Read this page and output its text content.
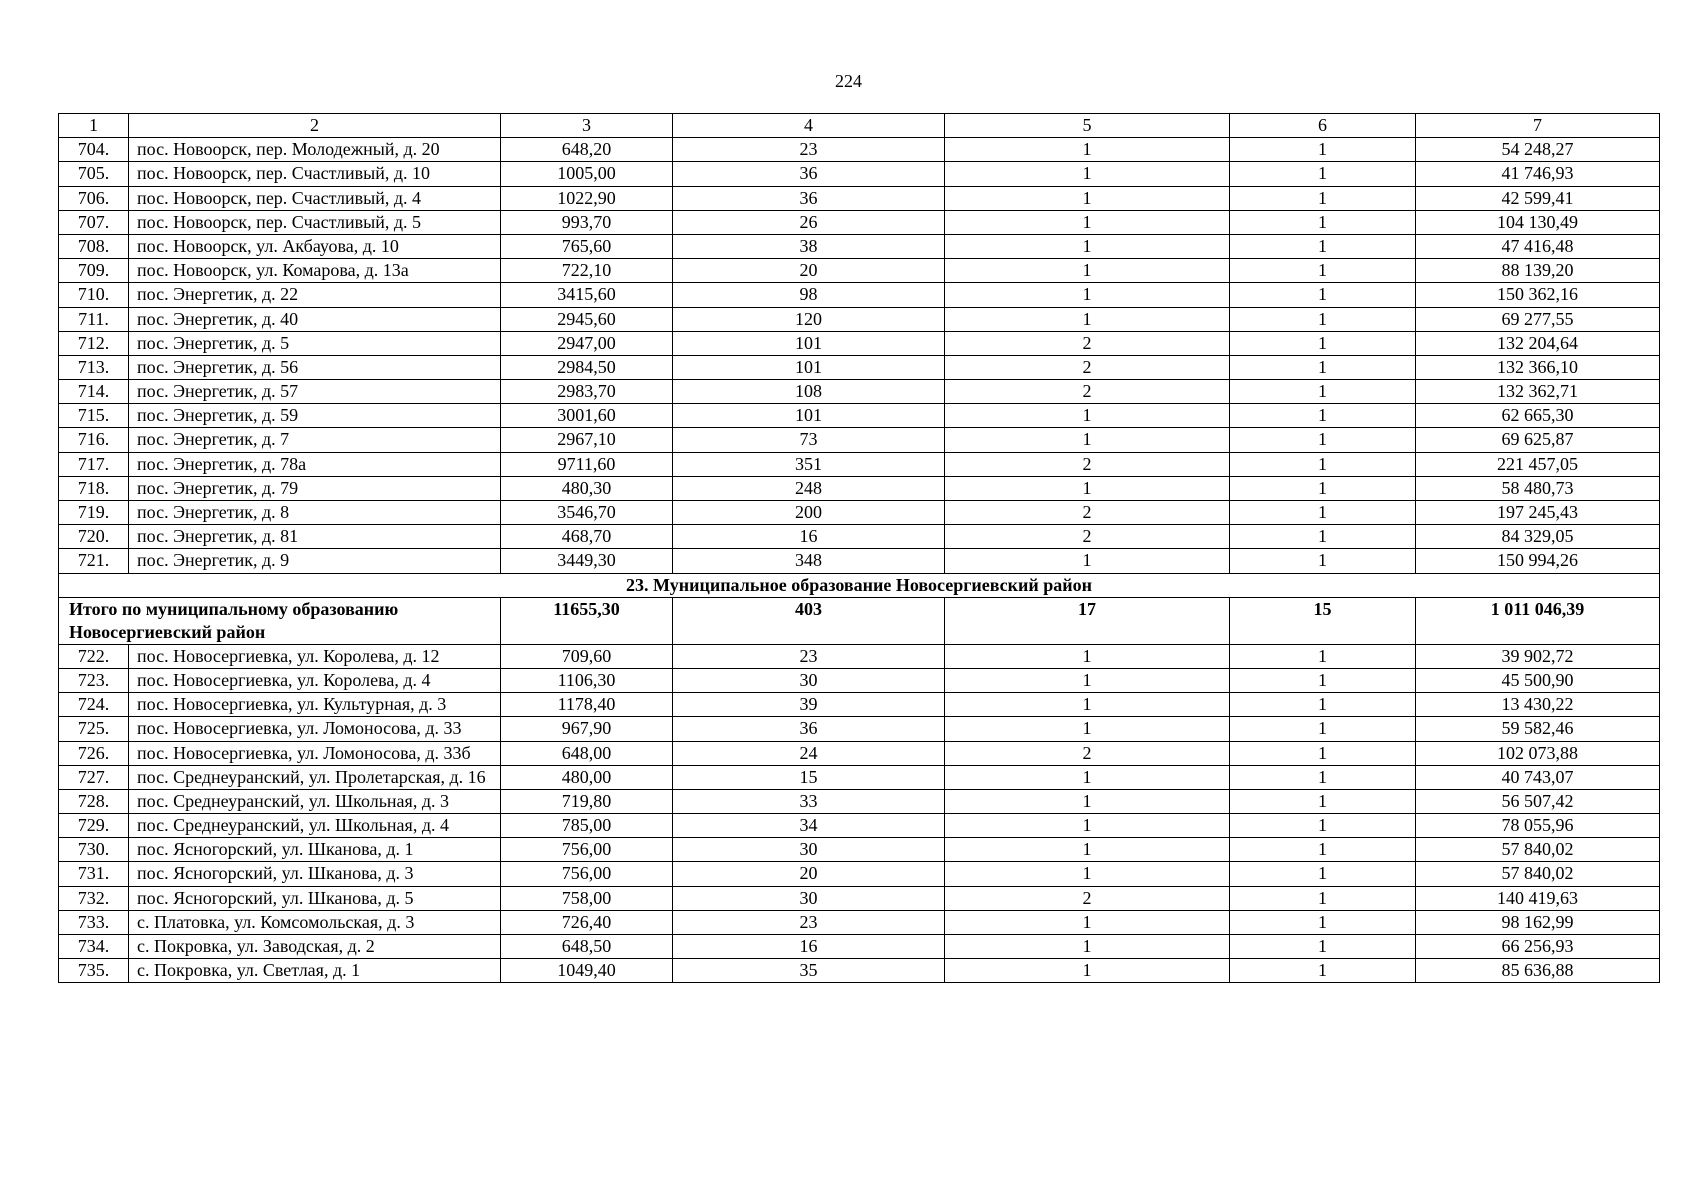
224
1	2	3	4	5	6	7
704.	пос. Новоорск, пер. Молодежный, д. 20	648,20	23	1	1	54 248,27
705.	пос. Новоорск, пер. Счастливый, д. 10	1005,00	36	1	1	41 746,93
706.	пос. Новоорск, пер. Счастливый, д. 4	1022,90	36	1	1	42 599,41
707.	пос. Новоорск, пер. Счастливый, д. 5	993,70	26	1	1	104 130,49
708.	пос. Новоорск, ул. Акбауова, д. 10	765,60	38	1	1	47 416,48
709.	пос. Новоорск, ул. Комарова, д. 13а	722,10	20	1	1	88 139,20
710.	пос. Энергетик, д. 22	3415,60	98	1	1	150 362,16
711.	пос. Энергетик, д. 40	2945,60	120	1	1	69 277,55
712.	пос. Энергетик, д. 5	2947,00	101	2	1	132 204,64
713.	пос. Энергетик, д. 56	2984,50	101	2	1	132 366,10
714.	пос. Энергетик, д. 57	2983,70	108	2	1	132 362,71
715.	пос. Энергетик, д. 59	3001,60	101	1	1	62 665,30
716.	пос. Энергетик, д. 7	2967,10	73	1	1	69 625,87
717.	пос. Энергетик, д. 78а	9711,60	351	2	1	221 457,05
718.	пос. Энергетик, д. 79	480,30	248	1	1	58 480,73
719.	пос. Энергетик, д. 8	3546,70	200	2	1	197 245,43
720.	пос. Энергетик, д. 81	468,70	16	2	1	84 329,05
721.	пос. Энергетик, д. 9	3449,30	348	1	1	150 994,26
23. Муниципальное образование Новосергиевский район						
Итого по муниципальному образованию Новосергиевский район		11655,30	403	17	15	1 011 046,39
722.	пос. Новосергиевка, ул. Королева, д. 12	709,60	23	1	1	39 902,72
723.	пос. Новосергиевка, ул. Королева, д. 4	1106,30	30	1	1	45 500,90
724.	пос. Новосергиевка, ул. Культурная, д. 3	1178,40	39	1	1	13 430,22
725.	пос. Новосергиевка, ул. Ломоносова, д. 33	967,90	36	1	1	59 582,46
726.	пос. Новосергиевка, ул. Ломоносова, д. 33б	648,00	24	2	1	102 073,88
727.	пос. Среднеуранский, ул. Пролетарская, д. 16	480,00	15	1	1	40 743,07
728.	пос. Среднеуранский, ул. Школьная, д. 3	719,80	33	1	1	56 507,42
729.	пос. Среднеуранский, ул. Школьная, д. 4	785,00	34	1	1	78 055,96
730.	пос. Ясногорский, ул. Шканова, д. 1	756,00	30	1	1	57 840,02
731.	пос. Ясногорский, ул. Шканова, д. 3	756,00	20	1	1	57 840,02
732.	пос. Ясногорский, ул. Шканова, д. 5	758,00	30	2	1	140 419,63
733.	с. Платовка, ул. Комсомольская, д. 3	726,40	23	1	1	98 162,99
734.	с. Покровка, ул. Заводская, д. 2	648,50	16	1	1	66 256,93
735.	с. Покровка, ул. Светлая, д. 1	1049,40	35	1	1	85 636,88
